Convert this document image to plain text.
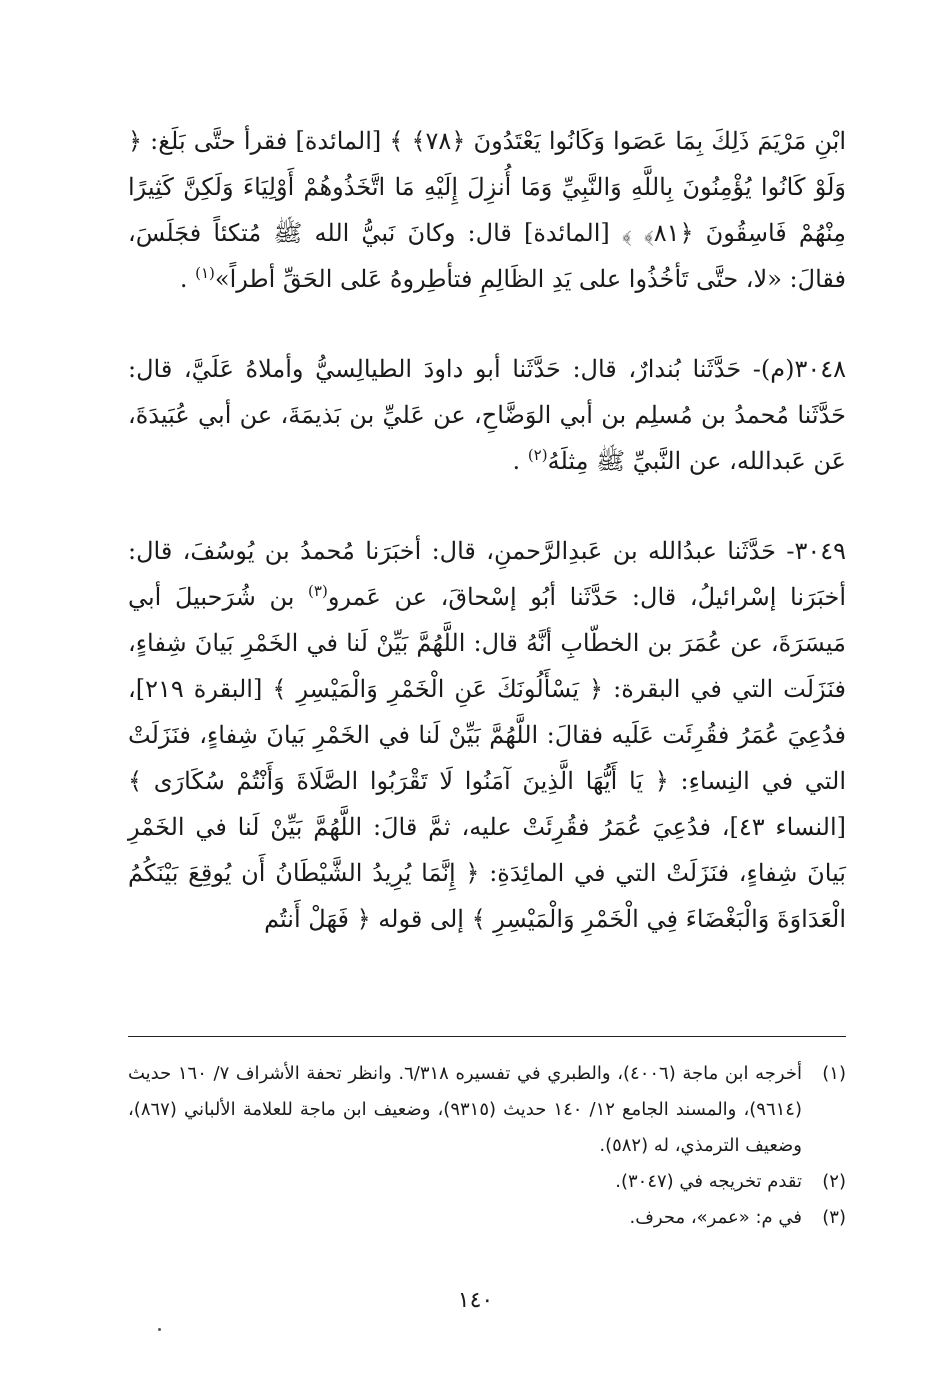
ابْنِ مَرْيَمَ ذَلِكَ بِمَا عَصَوا وَكَانُوا يَعْتَدُونَ ﴿٧٨﴾ ﴾ [المائدة] فقرأ حتَّى بَلَغ: ﴿ وَلَوْ كَانُوا يُؤْمِنُونَ بِاللَّهِ وَالنَّبِيِّ وَمَا أُنزِلَ إِلَيْهِ مَا اتَّخَذُوهُمْ أَوْلِيَاءَ وَلَكِنَّ كَثِيرًا مِنْهُمْ فَاسِقُونَ ﴿٨١﴾ ﴾ [المائدة] قال: وكانَ نَبيُّ الله ﷺ مُتكئاً فجَلَسَ، فقالَ: «لا، حتَّى تَأخُذُوا على يَدِ الظَالِمِ فتأطِروهُ عَلى الحَقِّ أطراً»$^{(١)}$ .

٣٠٤٨(م)- حَدَّثَنا بُندارٌ، قال: حَدَّثَنا أبو داودَ الطيالِسيُّ وأملاهُ عَلَيَّ، قال: حَدَّثَنا مُحمدُ بن مُسلِم بن أبي الوَضَّاحِ، عن عَليِّ بن بَذيمَةَ، عن أبي عُبَيدَةَ، عَن عَبدالله، عن النَّبيِّ ﷺ مِثلَهُ$^{(٢)}$ .

٣٠٤٩- حَدَّثَنا عبدُالله بن عَبدِالرَّحمنِ، قال: أخبَرَنا مُحمدُ بن يُوسُفَ، قال: أخبَرَنا إسْرائيلُ، قال: حَدَّثَنا أبُو إسْحاقَ، عن عَمرو$^{(٣)}$ بن شُرَحبيلَ أبي مَيسَرَةَ، عن عُمَرَ بن الخطّابِ أنَّهُ قال: اللَّهُمَّ بَيِّنْ لَنا في الخَمْرِ بَيانَ شِفاءٍ، فنَزَلَت التي في البقرة: ﴿ يَسْأَلُونَكَ عَنِ الْخَمْرِ وَالْمَيْسِرِ ﴾ [البقرة ٢١٩]، فدُعِيَ عُمَرُ فقُرِئَت عَلَيه فقالَ: اللَّهُمَّ بَيِّنْ لَنا في الخَمْرِ بَيانَ شِفاءٍ، فنَزَلَتْ التي في النِساءِ: ﴿ يَا أَيُّهَا الَّذِينَ آمَنُوا لَا تَقْرَبُوا الصَّلَاةَ وَأَنْتُمْ سُكَارَى ﴾ [النساء ٤٣]، فدُعِيَ عُمَرُ فقُرِئَتْ عليه، ثمَّ قالَ: اللَّهُمَّ بَيِّنْ لَنا في الخَمْرِ بَيانَ شِفاءٍ، فنَزَلَتْ التي في المائِدَةِ: ﴿ إِنَّمَا يُرِيدُ الشَّيْطَانُ أَن يُوقِعَ بَيْنَكُمُ الْعَدَاوَةَ وَالْبَغْضَاءَ فِي الْخَمْرِ وَالْمَيْسِرِ ﴾ إلى قوله ﴿ فَهَلْ أَنتُم

(١)
أخرجه ابن ماجة (٤٠٠٦)، والطبري في تفسيره ٦/٣١٨. وانظر تحفة الأشراف ٧/ ١٦٠ حديث (٩٦١٤)، والمسند الجامع ١٢/ ١٤٠ حديث (٩٣١٥)، وضعيف ابن ماجة للعلامة الألباني (٨٦٧)، وضعيف الترمذي، له (٥٨٢).
(٢)
تقدم تخريجه في (٣٠٤٧).
(٣)
في م: «عمر»، محرف.
١٤٠
